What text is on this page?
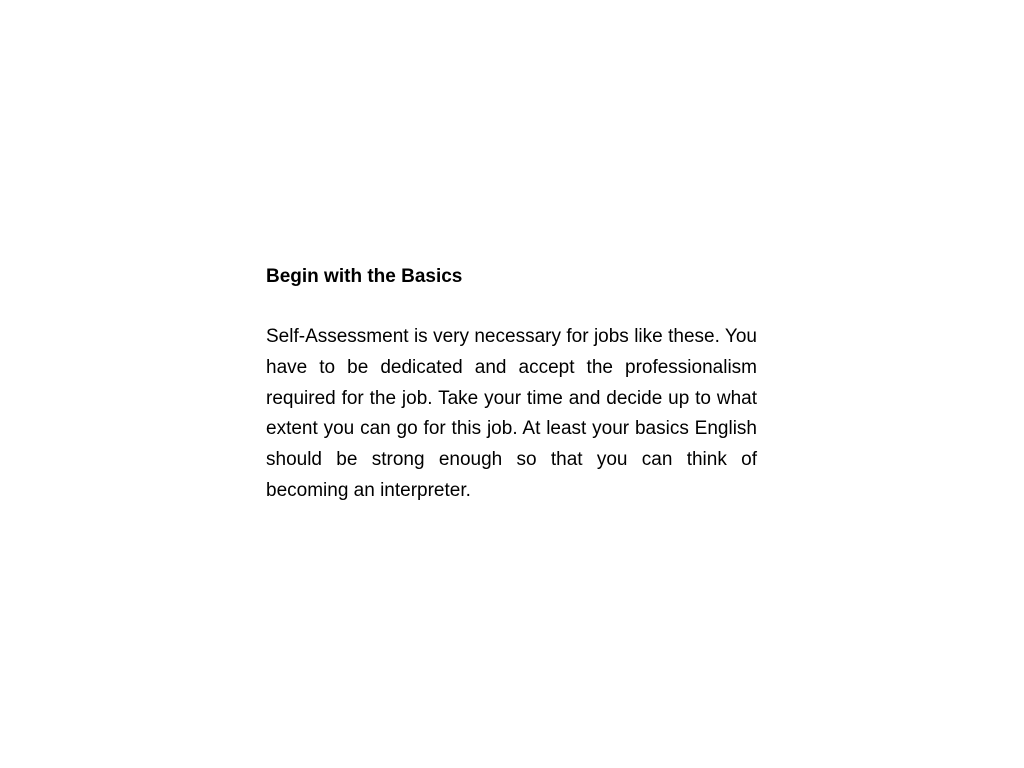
Begin with the Basics

Self-Assessment is very necessary for jobs like these. You have to be dedicated and accept the professionalism required for the job. Take your time and decide up to what extent you can go for this job. At least your basics English should be strong enough so that you can think of becoming an interpreter.
